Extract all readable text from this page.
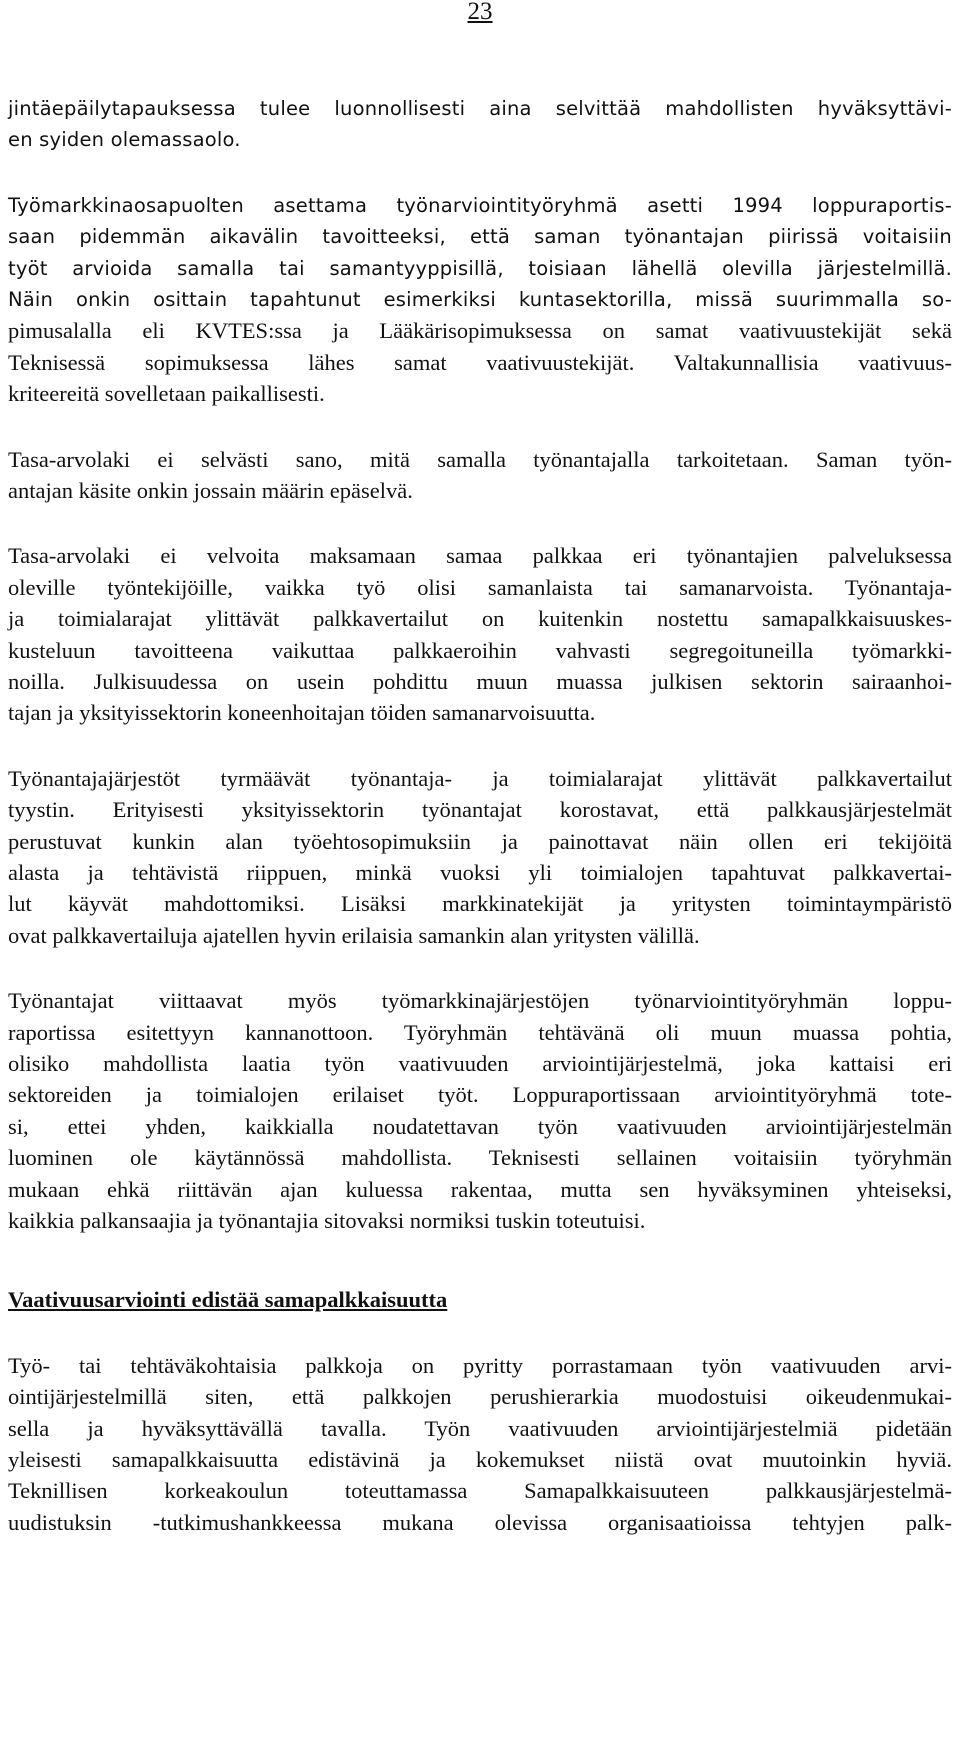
23
jintäepäilytapauksessa tulee luonnollisesti aina selvittää mahdollisten hyväksyttävi-
en syiden olemassaolo.
Työmarkkinaosapuolten asettama työnarviointityöryhmä asetti 1994 loppuraportis-
saan pidemmän aikavälin tavoitteeksi, että saman työnantajan piirissä voitaisiin
työt arvioida samalla tai samantyyppisillä, toisiaan lähellä olevilla järjestelmillä.
Näin onkin osittain tapahtunut esimerkiksi kuntasektorilla, missä suurimmalla so-
pimusalalla eli KVTES:ssa ja Lääkärisopimuksessa on samat vaativuustekijät sekä
Teknisessä sopimuksessa lähes samat vaativuustekijät. Valtakunnallisia vaativuus-
kriteereitä sovelletaan paikallisesti.
Tasa-arvolaki ei selvästi sano, mitä samalla työnantajalla tarkoitetaan. Saman työn-
antajan käsite onkin jossain määrin epäselvä.
Tasa-arvolaki ei velvoita maksamaan samaa palkkaa eri työnantajien palveluksessa
oleville työntekijöille, vaikka työ olisi samanlaista tai samanarvoista. Työnantaja-
ja toimialarajat ylittävät palkkavertailut on kuitenkin nostettu samapalkkaisuuskes-
kusteluun tavoitteena vaikuttaa palkkaeroihin vahvasti segregoituneilla työmarkki-
noilla. Julkisuudessa on usein pohdittu muun muassa julkisen sektorin sairaanhoi-
tajan ja yksityissektorin koneenhoitajan töiden samanarvoisuutta.
Työnantajajärjestöt tyrmäävät työnantaja- ja toimialarajat ylittävät palkkavertailut
tyystin. Erityisesti yksityissektorin työnantajat korostavat, että palkkausjärjestelmät
perustuvat kunkin alan työehtosopimuksiin ja painottavat näin ollen eri tekijöitä
alasta ja tehtävistä riippuen, minkä vuoksi yli toimialojen tapahtuvat palkkavertai-
lut käyvät mahdottomiksi. Lisäksi markkinatekijät ja yritysten toimintaympäristö
ovat palkkavertailuja ajatellen hyvin erilaisia samankin alan yritysten välillä.
Työnantajat viittaavat myös työmarkkinajärjestöjen työnarviointityöryhmän loppu-
raportissa esitettyyn kannanottoon. Työryhmän tehtävänä oli muun muassa pohtia,
olisiko mahdollista laatia työn vaativuuden arviointijärjestelmä, joka kattaisi eri
sektoreiden ja toimialojen erilaiset työt. Loppuraportissaan arviointityöryhmä tote-
si, ettei yhden, kaikkialla noudatettavan työn vaativuuden arviointijärjestelmän
luominen ole käytännössä mahdollista. Teknisesti sellainen voitaisiin työryhmän
mukaan ehkä riittävän ajan kuluessa rakentaa, mutta sen hyväksyminen yhteiseksi,
kaikkia palkansaajia ja työnantajia sitovaksi normiksi tuskin toteutuisi.
Vaativuusarviointi edistää samapalkkaisuutta
Työ- tai tehtäväkohtaisia palkkoja on pyritty porrastamaan työn vaativuuden arvi-
ointijärjestelmillä siten, että palkkojen perushierarkia muodostuisi oikeudenmukai-
sella ja hyväksyttävällä tavalla. Työn vaativuuden arviointijärjestelmiä pidetään
yleisesti samapalkkaisuutta edistävinä ja kokemukset niistä ovat muutoinkin hyviä.
Teknillisen korkeakoulun toteuttamassa Samapalkkaisuuteen palkkausjärjestelmä-
uudistuksin -tutkimushankkeessa mukana olevissa organisaatioissa tehtyjen palk-
